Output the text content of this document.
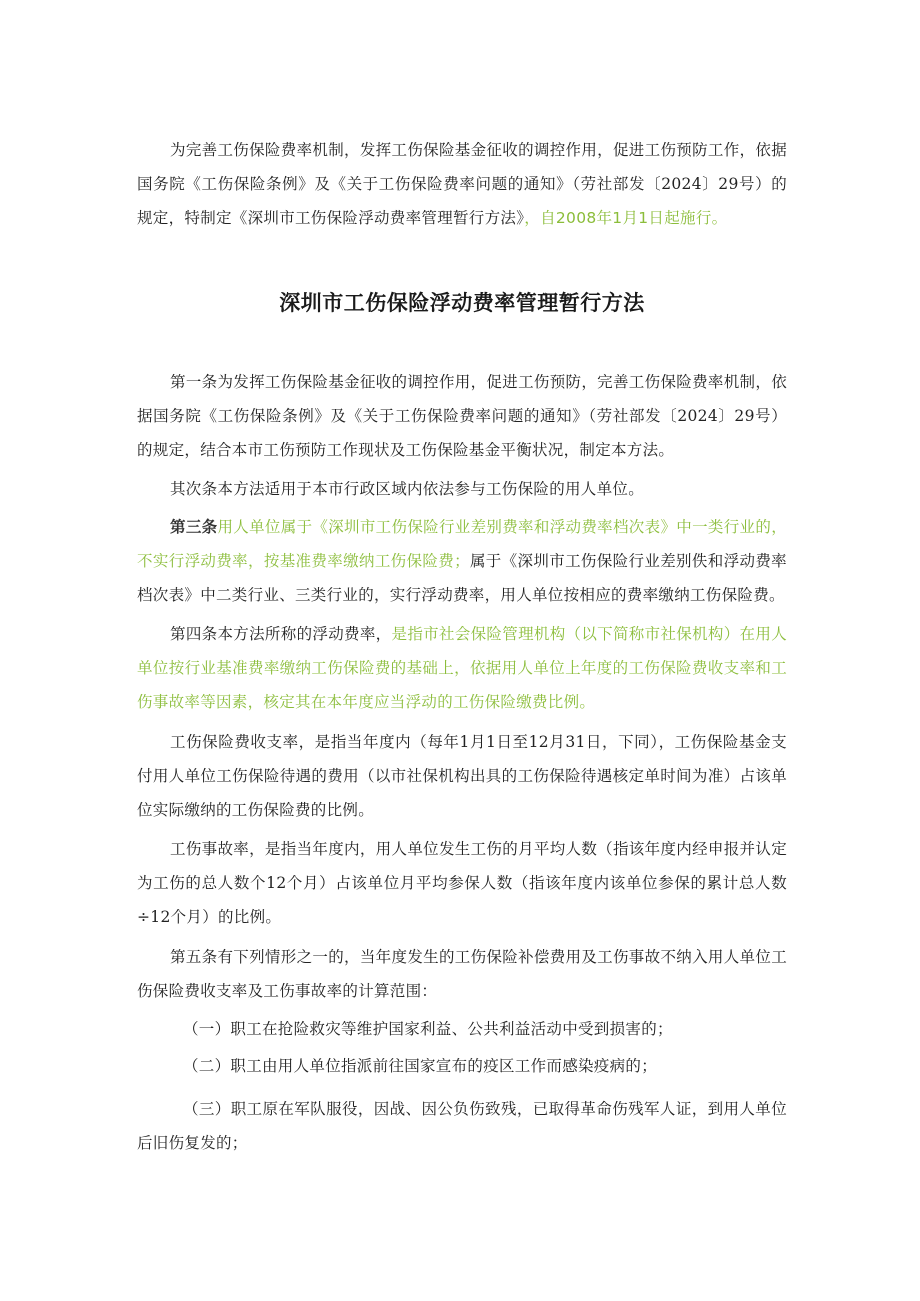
为完善工伤保险费率机制，发挥工伤保险基金征收的调控作用，促进工伤预防工作，依据国务院《工伤保险条例》及《关于工伤保险费率问题的通知》（劳社部发〔2024〕29号）的规定，特制定《深圳市工伤保险浮动费率管理暂行方法》，自2008年1月1日起施行。

深圳市工伤保险浮动费率管理暂行方法

第一条为发挥工伤保险基金征收的调控作用，促进工伤预防，完善工伤保险费率机制，依据国务院《工伤保险条例》及《关于工伤保险费率问题的通知》（劳社部发〔2024〕29号）的规定，结合本市工伤预防工作现状及工伤保险基金平衡状况，制定本方法。

其次条本方法适用于本市行政区域内依法参与工伤保险的用人单位。

第三条用人单位属于《深圳市工伤保险行业差别费率和浮动费率档次表》中一类行业的，不实行浮动费率，按基准费率缴纳工伤保险费；属于《深圳市工伤保险行业差别佚和浮动费率档次表》中二类行业、三类行业的，实行浮动费率，用人单位按相应的费率缴纳工伤保险费。

第四条本方法所称的浮动费率，是指市社会保险管理机构（以下简称市社保机构）在用人单位按行业基准费率缴纳工伤保险费的基础上，依据用人单位上年度的工伤保险费收支率和工伤事故率等因素，核定其在本年度应当浮动的工伤保险缴费比例。

工伤保险费收支率，是指当年度内（每年1月1日至12月31日，下同），工伤保险基金支付用人单位工伤保险待遇的费用（以市社保机构出具的工伤保险待遇核定单时间为准）占该单位实际缴纳的工伤保险费的比例。

工伤事故率，是指当年度内，用人单位发生工伤的月平均人数（指该年度内经申报并认定为工伤的总人数个12个月）占该单位月平均参保人数（指该年度内该单位参保的累计总人数÷12个月）的比例。

第五条有下列情形之一的，当年度发生的工伤保险补偿费用及工伤事故不纳入用人单位工伤保险费收支率及工伤事故率的计算范围：

（一）职工在抢险救灾等维护国家利益、公共利益活动中受到损害的；

（二）职工由用人单位指派前往国家宣布的疫区工作而感染疫病的；

（三）职工原在军队服役，因战、因公负伤致残，已取得革命伤残军人证，到用人单位后旧伤复发的；
